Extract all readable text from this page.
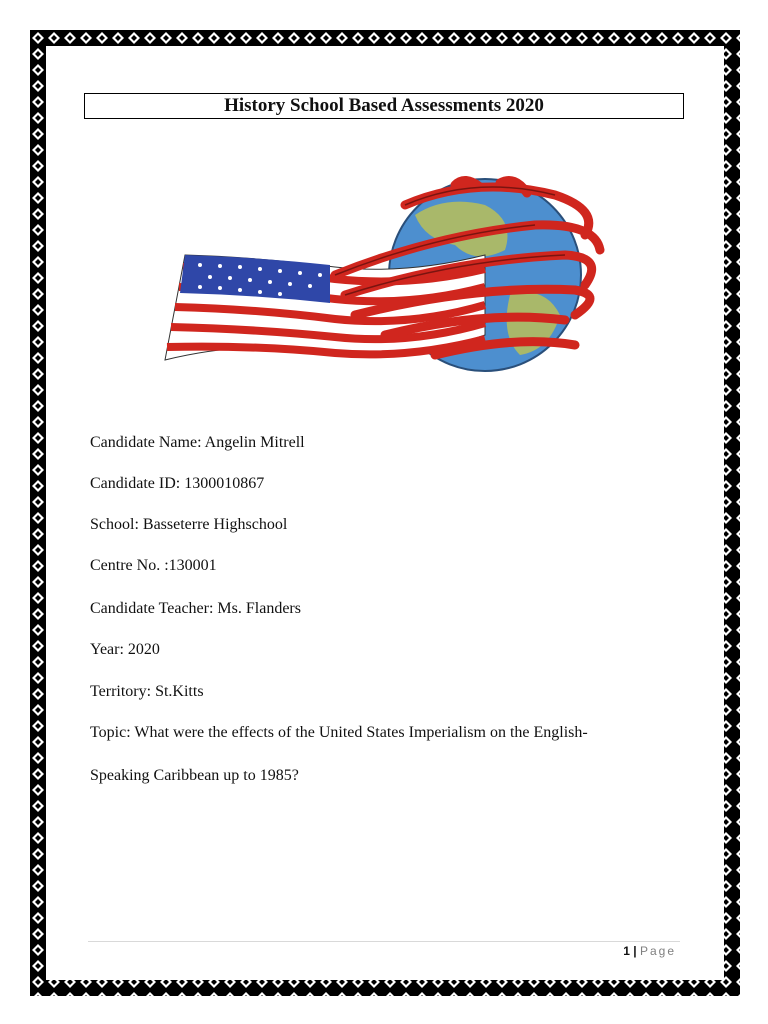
History School Based Assessments 2020
Candidate Name: Angelin Mitrell
Candidate ID: 1300010867
School: Basseterre Highschool
Centre No. :130001
Candidate Teacher: Ms. Flanders
Year: 2020
Territory: St.Kitts
Topic: What were the effects of the United States Imperialism on the English-
Speaking Caribbean up to 1985?
1 | Page
